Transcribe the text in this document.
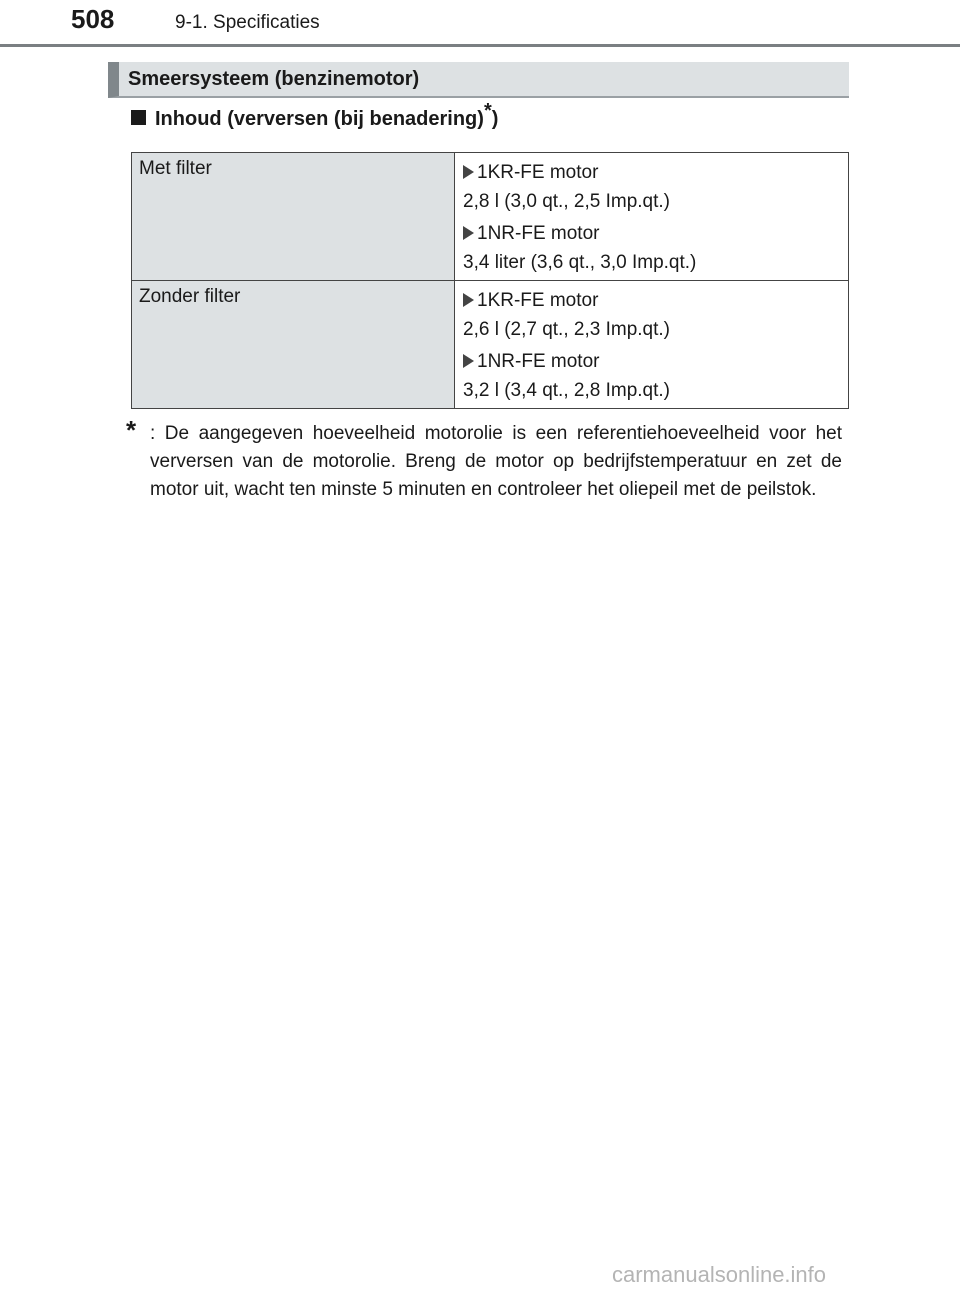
508	9-1. Specificaties
Smeersysteem (benzinemotor)
Inhoud (verversen (bij benadering)*)
Met filter	1KR-FE motor
2,8 l (3,0 qt., 2,5 Imp.qt.)
1NR-FE motor
3,4 liter (3,6 qt., 3,0 Imp.qt.)

Zonder filter	1KR-FE motor
2,6 l (2,7 qt., 2,3 Imp.qt.)
1NR-FE motor
3,2 l (3,4 qt., 2,8 Imp.qt.)
* : De aangegeven hoeveelheid motorolie is een referentiehoeveelheid voor het verversen van de motorolie. Breng de motor op bedrijfstemperatuur en zet de motor uit, wacht ten minste 5 minuten en controleer het oliepeil met de peilstok.
carmanualsonline.info
